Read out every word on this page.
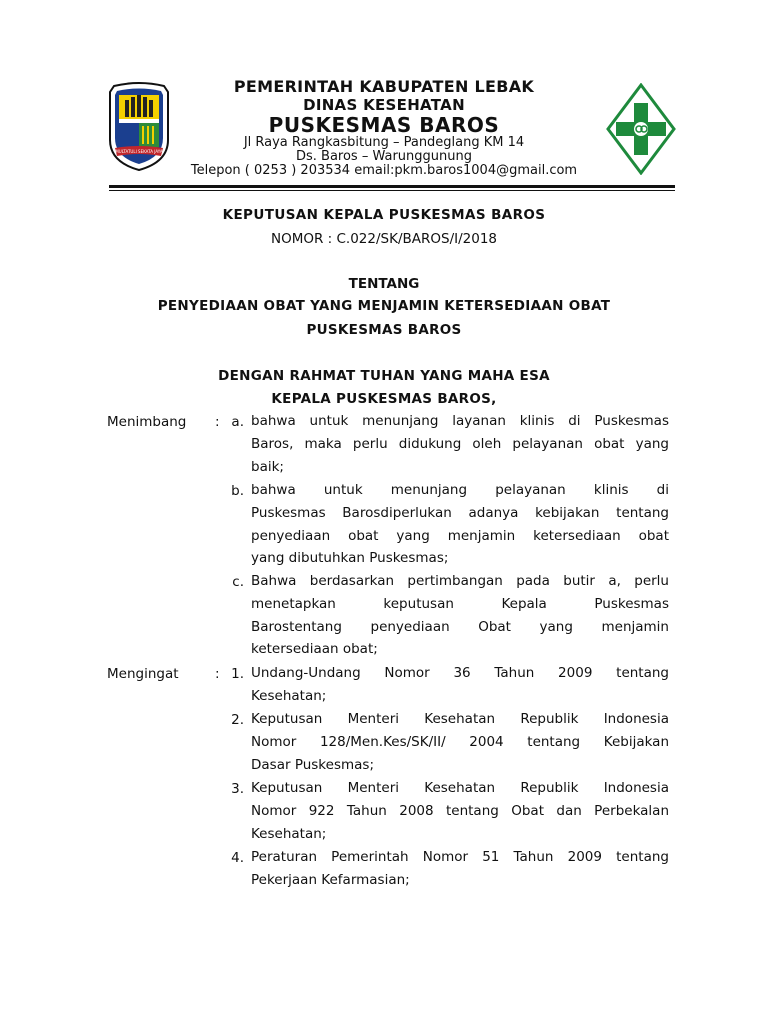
MULTATULI SEKATA JAYA
PEMERINTAH KABUPATEN LEBAK
DINAS KESEHATAN
PUSKESMAS BAROS
Jl Raya Rangkasbitung – Pandeglang KM 14
Ds. Baros – Warunggunung
Telepon ( 0253 ) 203534 email:pkm.baros1004@gmail.com
KEPUTUSAN KEPALA PUSKESMAS BAROS
NOMOR : C.022/SK/BAROS/I/2018
TENTANG
PENYEDIAAN OBAT YANG MENJAMIN KETERSEDIAAN OBAT
PUSKESMAS BAROS
DENGAN RAHMAT TUHAN YANG MAHA ESA
KEPALA PUSKESMAS BAROS,
Menimbang : a. bahwa untuk menunjang layanan klinis di Puskesmas
Baros, maka perlu didukung oleh pelayanan obat yang
baik;
b. bahwa untuk menunjang pelayanan klinis di
Puskesmas Barosdiperlukan adanya kebijakan tentang
penyediaan obat yang menjamin ketersediaan obat
yang dibutuhkan Puskesmas;
c. Bahwa berdasarkan pertimbangan pada butir a, perlu
menetapkan keputusan Kepala Puskesmas
Barostentang penyediaan Obat yang menjamin
ketersediaan obat;
Mengingat	: 1. Undang-Undang Nomor 36 Tahun 2009 tentang
Kesehatan;
2. Keputusan Menteri Kesehatan Republik Indonesia
Nomor 128/Men.Kes/SK/II/ 2004 tentang Kebijakan
Dasar Puskesmas;
3. Keputusan Menteri Kesehatan Republik Indonesia
Nomor 922 Tahun 2008 tentang Obat dan Perbekalan
Kesehatan;
4. Peraturan Pemerintah Nomor 51 Tahun 2009 tentang
Pekerjaan Kefarmasian;
